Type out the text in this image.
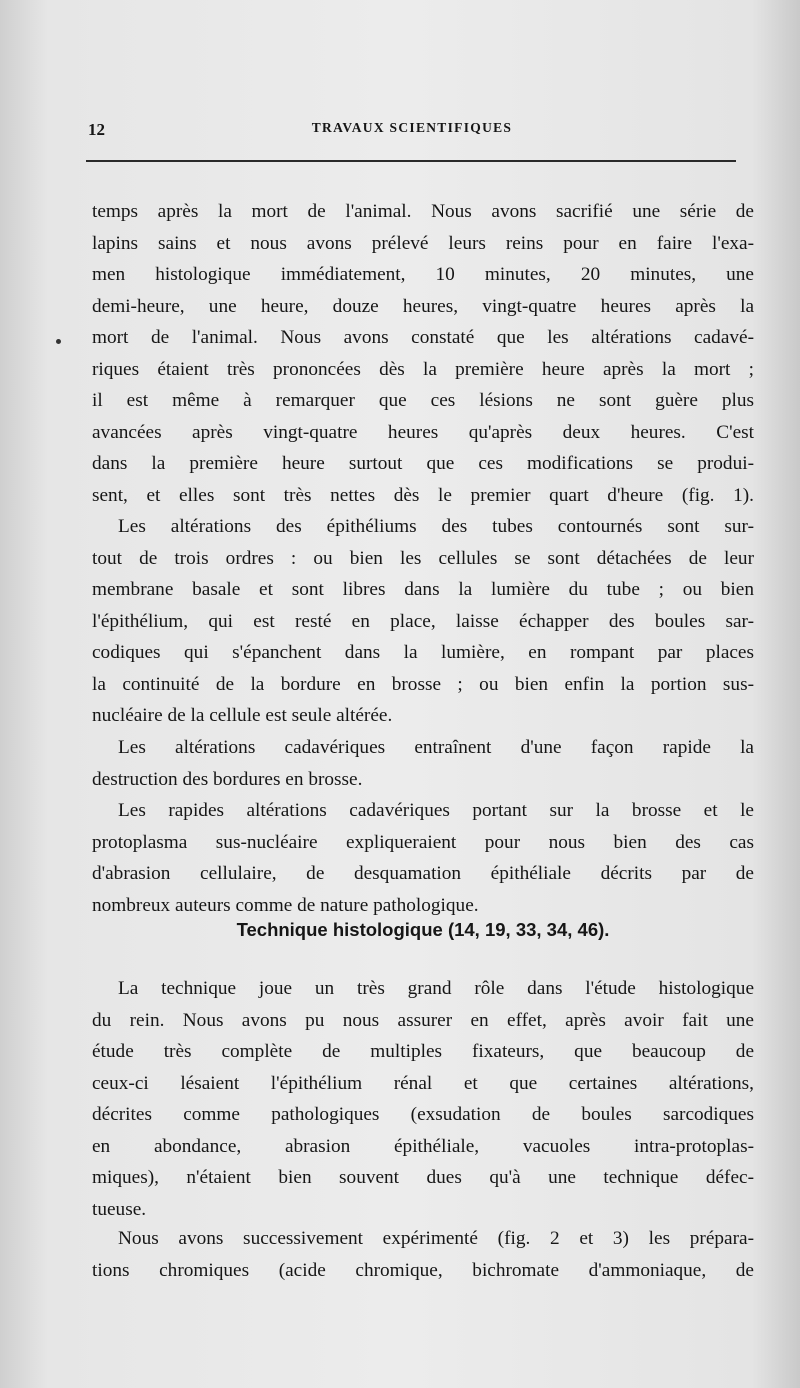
12	TRAVAUX SCIENTIFIQUES
temps après la mort de l'animal. Nous avons sacrifié une série de
lapins sains et nous avons prélevé leurs reins pour en faire l'exa-
men histologique immédiatement, 10 minutes, 20 minutes, une
demi-heure, une heure, douze heures, vingt-quatre heures après la
mort de l'animal. Nous avons constaté que les altérations cadavé-
riques étaient très prononcées dès la première heure après la mort ;
il est même à remarquer que ces lésions ne sont guère plus
avancées après vingt-quatre heures qu'après deux heures. C'est
dans la première heure surtout que ces modifications se produi-
sent, et elles sont très nettes dès le premier quart d'heure (fig. 1).
Les altérations des épithéliums des tubes contournés sont sur-
tout de trois ordres : ou bien les cellules se sont détachées de leur
membrane basale et sont libres dans la lumière du tube ; ou bien
l'épithélium, qui est resté en place, laisse échapper des boules sar-
codiques qui s'épanchent dans la lumière, en rompant par places
la continuité de la bordure en brosse ; ou bien enfin la portion sus-
nucléaire de la cellule est seule altérée.
Les altérations cadavériques entraînent d'une façon rapide la
destruction des bordures en brosse.
Les rapides altérations cadavériques portant sur la brosse et le
protoplasma sus-nucléaire expliqueraient pour nous bien des cas
d'abrasion cellulaire, de desquamation épithéliale décrits par de
nombreux auteurs comme de nature pathologique.
Technique histologique (14, 19, 33, 34, 46).
La technique joue un très grand rôle dans l'étude histologique
du rein. Nous avons pu nous assurer en effet, après avoir fait une
étude très complète de multiples fixateurs, que beaucoup de
ceux-ci lésaient l'épithélium rénal et que certaines altérations,
décrites comme pathologiques (exsudation de boules sarcodiques
en abondance, abrasion épithéliale, vacuoles intra-protoplas-
miques), n'étaient bien souvent dues qu'à une technique défec-
tueuse.
Nous avons successivement expérimenté (fig. 2 et 3) les prépara-
tions chromiques (acide chromique, bichromate d'ammoniaque, de
